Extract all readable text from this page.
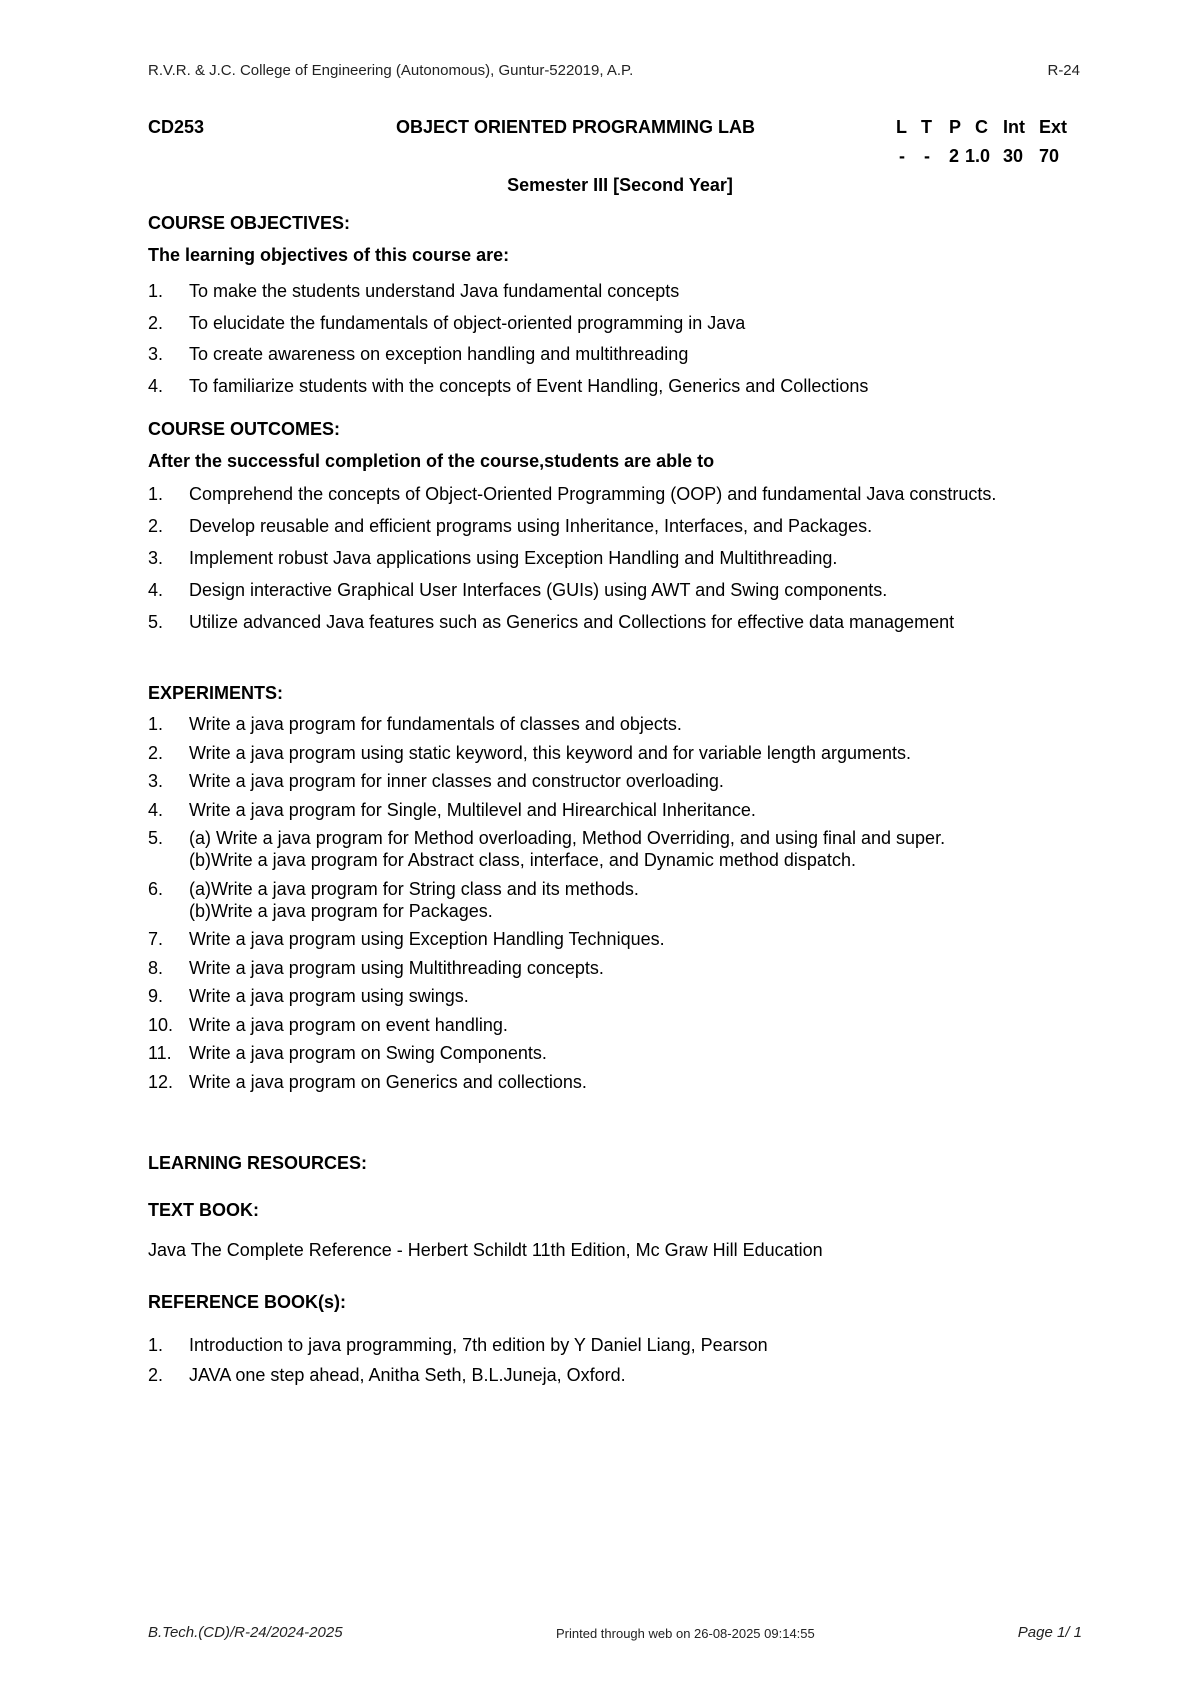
R.V.R. & J.C. College of Engineering (Autonomous), Guntur-522019, A.P.	R-24
CD253	OBJECT ORIENTED PROGRAMMING LAB	L T P C Int Ext
- - 2 1.0 30 70
Semester III [Second Year]
COURSE OBJECTIVES:
The learning objectives of this course are:
1. To make the students understand Java fundamental concepts
2. To elucidate the fundamentals of object-oriented programming in Java
3. To create awareness on exception handling and multithreading
4. To familiarize students with the concepts of Event Handling, Generics and Collections
COURSE OUTCOMES:
After the successful completion of the course,students are able to
1. Comprehend the concepts of Object-Oriented Programming (OOP) and fundamental Java constructs.
2. Develop reusable and efficient programs using Inheritance, Interfaces, and Packages.
3. Implement robust Java applications using Exception Handling and Multithreading.
4. Design interactive Graphical User Interfaces (GUIs) using AWT and Swing components.
5. Utilize advanced Java features such as Generics and Collections for effective data management
EXPERIMENTS:
1. Write a java program for fundamentals of classes and objects.
2. Write a java program using static keyword, this keyword and for variable length arguments.
3. Write a java program for inner classes and constructor overloading.
4. Write a java program for Single, Multilevel and Hirearchical Inheritance.
5. (a) Write a java program for Method overloading, Method Overriding, and using final and super.
(b)Write a java program for Abstract class, interface, and Dynamic method dispatch.
6. (a)Write a java program for String class and its methods.
(b)Write a java program for Packages.
7. Write a java program using Exception Handling Techniques.
8. Write a java program using Multithreading concepts.
9. Write a java program using swings.
10. Write a java program on event handling.
11. Write a java program on Swing Components.
12. Write a java program on Generics and collections.
LEARNING RESOURCES:
TEXT BOOK:
Java The Complete Reference - Herbert Schildt 11th Edition, Mc Graw Hill Education
REFERENCE BOOK(s):
1. Introduction to java programming, 7th edition by Y Daniel Liang, Pearson
2. JAVA one step ahead, Anitha Seth, B.L.Juneja, Oxford.
B.Tech.(CD)/R-24/2024-2025	Printed through web on 26-08-2025 09:14:55	Page 1/ 1
